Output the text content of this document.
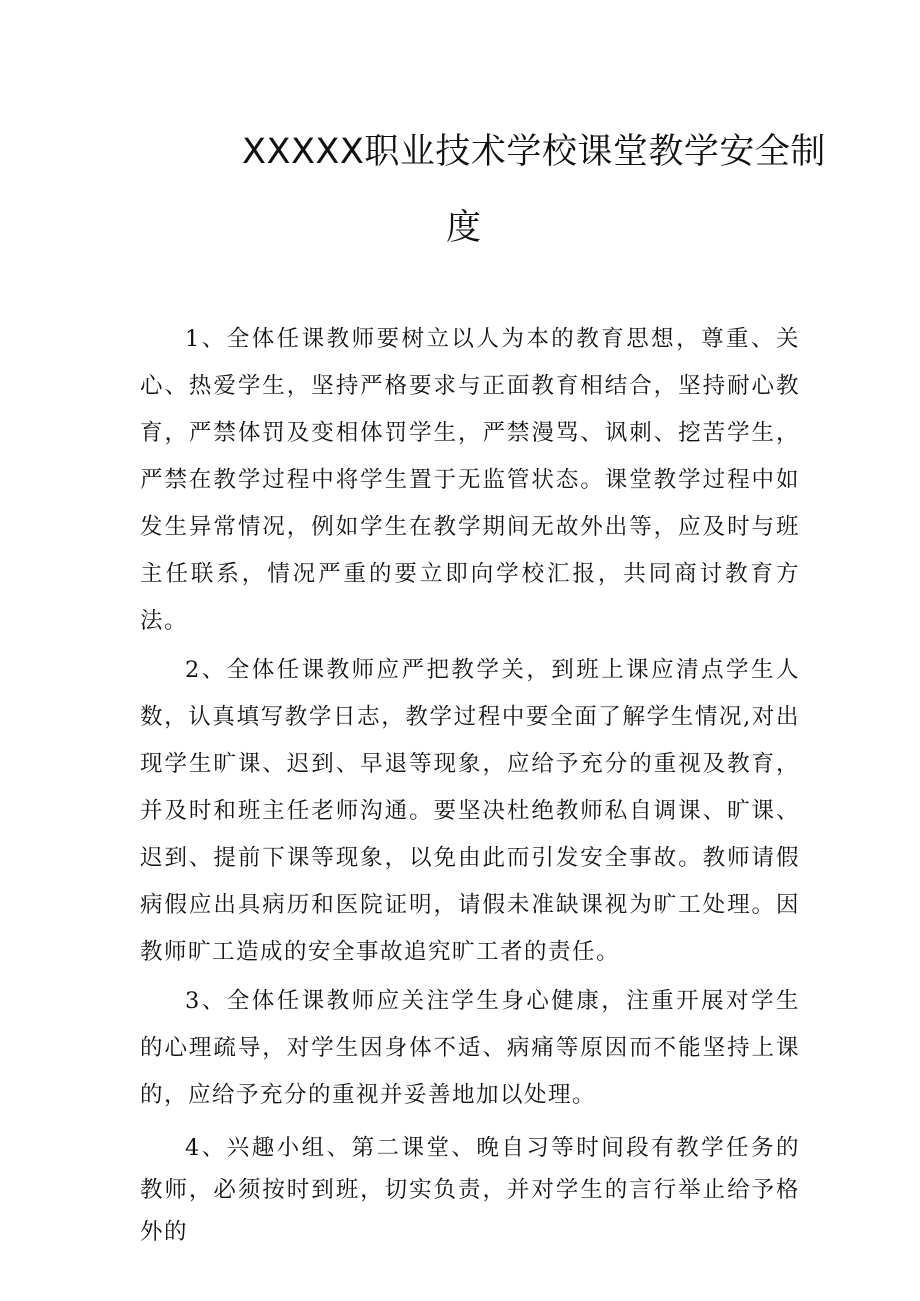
XXXXX职业技术学校课堂教学安全制
度

1、全体任课教师要树立以人为本的教育思想，尊重、关心、热爱学生，坚持严格要求与正面教育相结合，坚持耐心教育，严禁体罚及变相体罚学生，严禁漫骂、讽刺、挖苦学生，严禁在教学过程中将学生置于无监管状态。课堂教学过程中如发生异常情况，例如学生在教学期间无故外出等，应及时与班主任联系，情况严重的要立即向学校汇报，共同商讨教育方法。

2、全体任课教师应严把教学关，到班上课应清点学生人数，认真填写教学日志，教学过程中要全面了解学生情况,对出现学生旷课、迟到、早退等现象，应给予充分的重视及教育，并及时和班主任老师沟通。要坚决杜绝教师私自调课、旷课、迟到、提前下课等现象，以免由此而引发安全事故。教师请假病假应出具病历和医院证明，请假未准缺课视为旷工处理。因教师旷工造成的安全事故追究旷工者的责任。

3、全体任课教师应关注学生身心健康，注重开展对学生的心理疏导，对学生因身体不适、病痛等原因而不能坚持上课的，应给予充分的重视并妥善地加以处理。

4、兴趣小组、第二课堂、晚自习等时间段有教学任务的教师，必须按时到班，切实负责，并对学生的言行举止给予格外的
